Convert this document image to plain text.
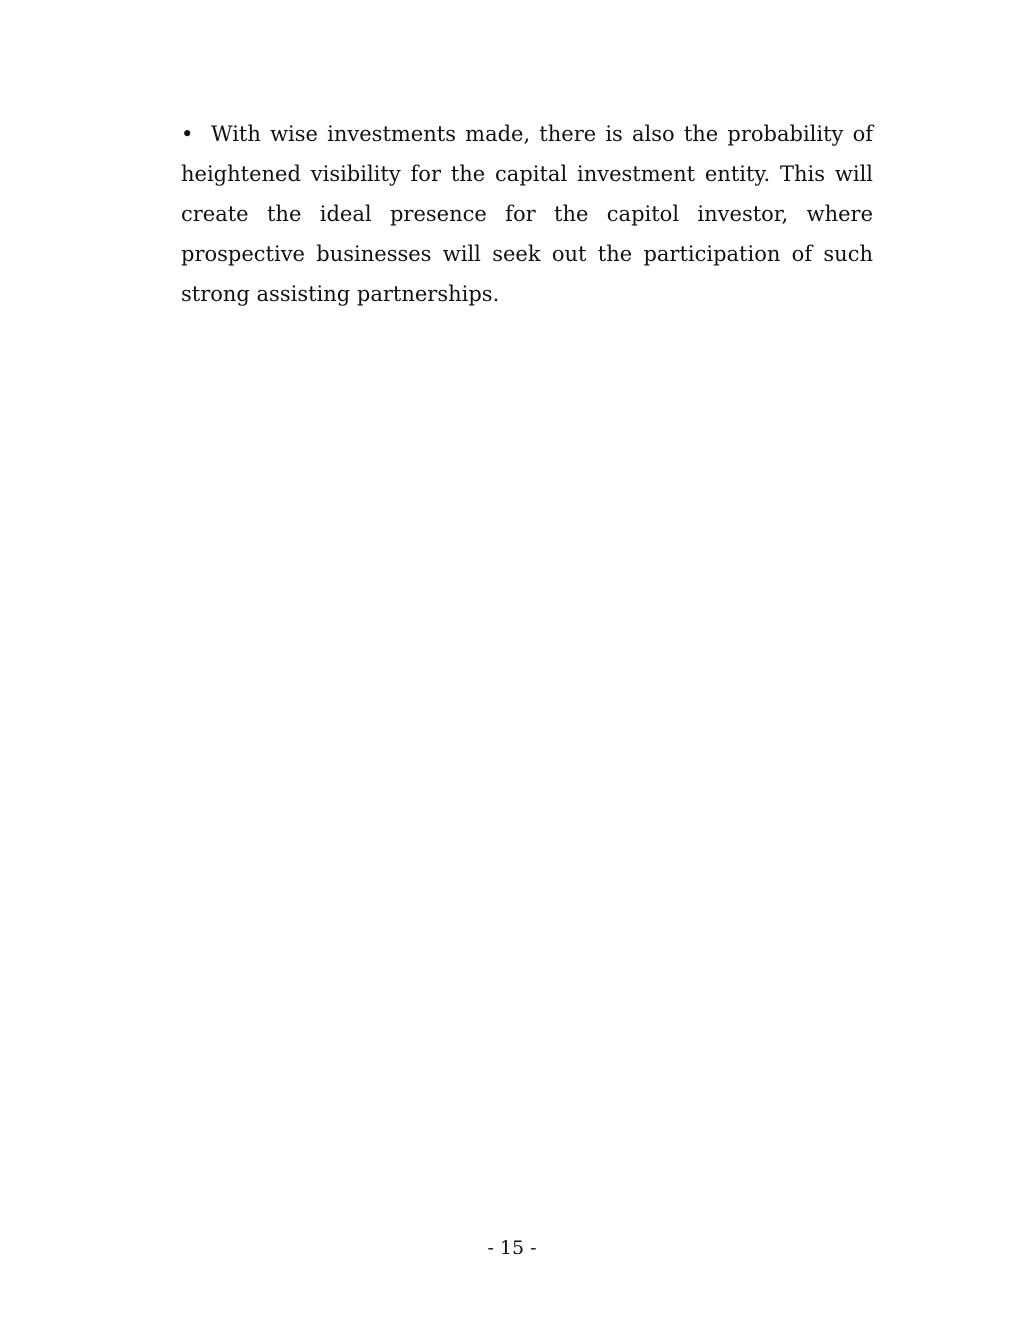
• With wise investments made, there is also the probability of heightened visibility for the capital investment entity. This will create the ideal presence for the capitol investor, where prospective businesses will seek out the participation of such strong assisting partnerships.

- 15 -
